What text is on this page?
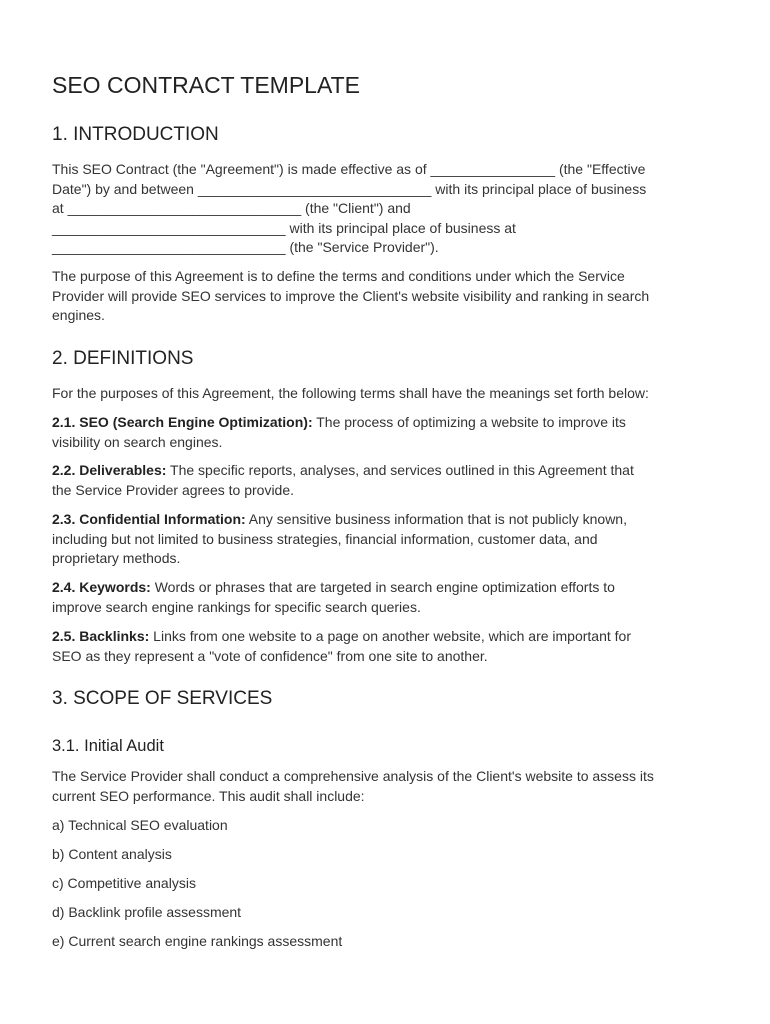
SEO CONTRACT TEMPLATE
1. INTRODUCTION

This SEO Contract (the "Agreement") is made effective as of ________________ (the "Effective
Date") by and between ______________________________ with its principal place of business
at ______________________________ (the "Client") and
______________________________ with its principal place of business at
______________________________ (the "Service Provider").

The purpose of this Agreement is to define the terms and conditions under which the Service
Provider will provide SEO services to improve the Client's website visibility and ranking in search
engines.

2. DEFINITIONS

For the purposes of this Agreement, the following terms shall have the meanings set forth below:

2.1. SEO (Search Engine Optimization): The process of optimizing a website to improve its
visibility on search engines.

2.2. Deliverables: The specific reports, analyses, and services outlined in this Agreement that
the Service Provider agrees to provide.

2.3. Confidential Information: Any sensitive business information that is not publicly known,
including but not limited to business strategies, financial information, customer data, and
proprietary methods.

2.4. Keywords: Words or phrases that are targeted in search engine optimization efforts to
improve search engine rankings for specific search queries.

2.5. Backlinks: Links from one website to a page on another website, which are important for
SEO as they represent a "vote of confidence" from one site to another.

3. SCOPE OF SERVICES
3.1. Initial Audit

The Service Provider shall conduct a comprehensive analysis of the Client's website to assess its
current SEO performance. This audit shall include:

a) Technical SEO evaluation

b) Content analysis

c) Competitive analysis

d) Backlink profile assessment

e) Current search engine rankings assessment
